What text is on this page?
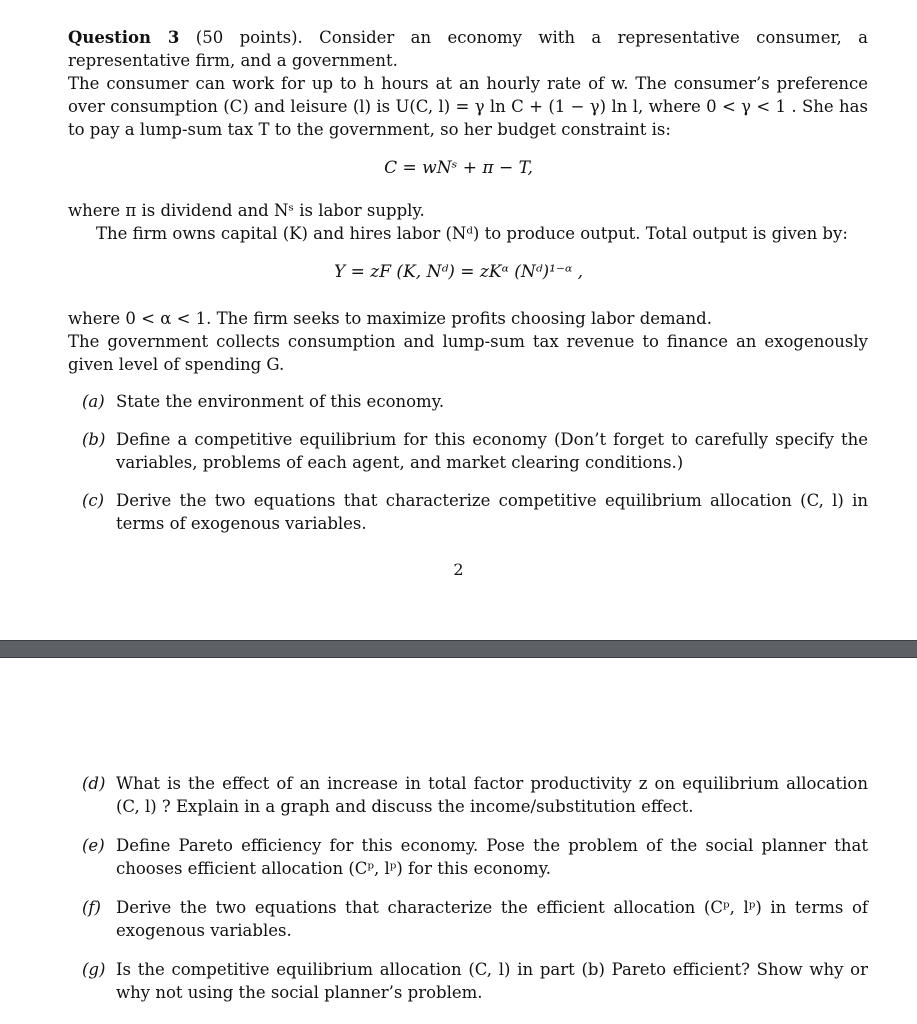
Question 3 (50 points). Consider an economy with a representative consumer, a representative firm, and a government.

The consumer can work for up to h hours at an hourly rate of w. The consumer’s preference over consumption (C) and leisure (l) is U(C, l) = γ ln C + (1 − γ) ln l, where 0 < γ < 1 . She has to pay a lump-sum tax T to the government, so her budget constraint is:

C = wNˢ + π − T,

where π is dividend and Nˢ is labor supply.

The firm owns capital (K) and hires labor (Nᵈ) to produce output. Total output is given by:

Y = zF (K, Nᵈ) = zKᵅ (Nᵈ)¹⁻ᵅ ,

where 0 < α < 1. The firm seeks to maximize profits choosing labor demand.

The government collects consumption and lump-sum tax revenue to finance an exogenously given level of spending G.

(a) State the environment of this economy.
(b) Define a competitive equilibrium for this economy (Don’t forget to carefully specify the variables, problems of each agent, and market clearing conditions.)
(c) Derive the two equations that characterize competitive equilibrium allocation (C, l) in terms of exogenous variables.
2
(d) What is the effect of an increase in total factor productivity z on equilibrium allocation (C, l) ? Explain in a graph and discuss the income/substitution effect.
(e) Define Pareto efficiency for this economy. Pose the problem of the social planner that chooses efficient allocation (Cᵖ, lᵖ) for this economy.
(f) Derive the two equations that characterize the efficient allocation (Cᵖ, lᵖ) in terms of exogenous variables.
(g) Is the competitive equilibrium allocation (C, l) in part (b) Pareto efficient? Show why or why not using the social planner’s problem.
